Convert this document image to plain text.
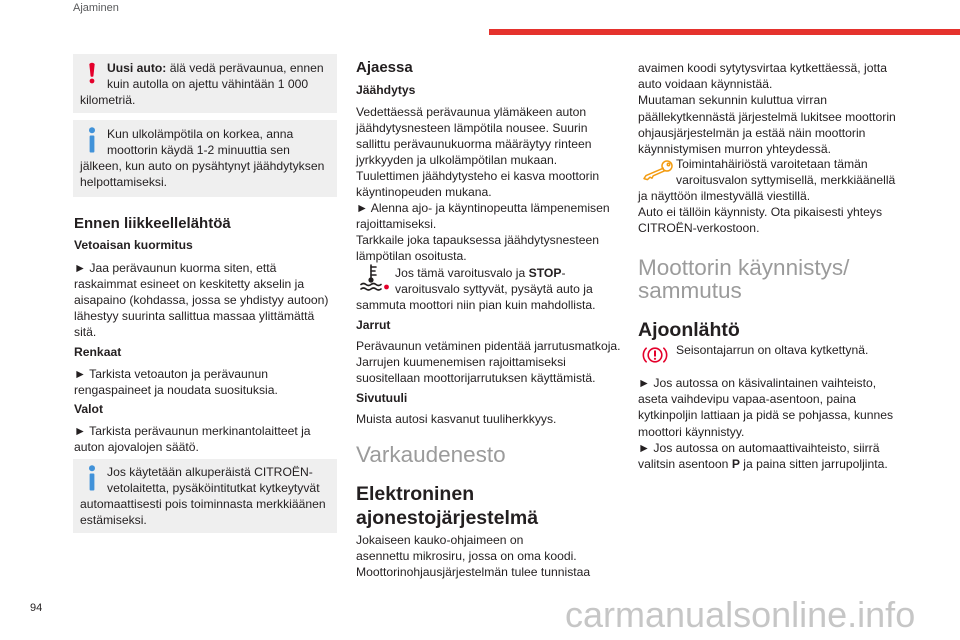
Ajaminen
Uusi auto: älä vedä perävaunua, ennen
kuin autolla on ajettu vähintään 1 000
kilometriä.
Kun ulkolämpötila on korkea, anna
moottorin käydä 1-2 minuuttia sen
jälkeen, kun auto on pysähtynyt jäähdytyksen
helpottamiseksi.
Ennen liikkeellelähtöä
Vetoaisan kuormitus
► Jaa perävaunun kuorma siten, että
raskaimmat esineet on keskitetty akselin ja
aisapaino (kohdassa, jossa se yhdistyy autoon)
lähestyy suurinta sallittua massaa ylittämättä
sitä.
Renkaat
► Tarkista vetoauton ja perävaunun
rengaspaineet ja noudata suosituksia.
Valot
► Tarkista perävaunun merkinantolaitteet ja
auton ajovalojen säätö.
Jos käytetään alkuperäistä CITROËN-
vetolaitetta, pysäköintitutkat kytkeytyvät
automaattisesti pois toiminnasta merkkiäänen
estämiseksi.
Ajaessa
Jäähdytys
Vedettäessä perävaunua ylämäkeen auton
jäähdytysnesteen lämpötila nousee. Suurin
sallittu perävaunukuorma määräytyy rinteen
jyrkkyyden ja ulkolämpötilan mukaan.
Tuulettimen jäähdytysteho ei kasva moottorin
käyntinopeuden mukana.
► Alenna ajo- ja käyntinopeutta lämpenemisen
rajoittamiseksi.
Tarkkaile joka tapauksessa jäähdytysnesteen
lämpötilan osoitusta.
Jos tämä varoitusvalo ja STOP-
varoitusvalo syttyvät, pysäytä auto ja
sammuta moottori niin pian kuin mahdollista.
Jarrut
Perävaunun vetäminen pidentää jarrutusmatkoja.
Jarrujen kuumenemisen rajoittamiseksi
suositellaan moottorijarrutuksen käyttämistä.
Sivutuuli
Muista autosi kasvanut tuuliherkkyys.
Varkaudenesto
Elektroninen
ajonestojärjestelmä
Jokaiseen kauko-ohjaimeen on
asennettu mikrosiru, jossa on oma koodi.
Moottorinohjausjärjestelmän tulee tunnistaa
avaimen koodi sytytysvirtaa kytkettäessä, jotta
auto voidaan käynnistää.
Muutaman sekunnin kuluttua virran
päällekytkennästä järjestelmä lukitsee moottorin
ohjausjärjestelmän ja estää näin moottorin
käynnistymisen murron yhteydessä.
Toimintahäiriöstä varoitetaan tämän
varoitusvalon syttymisellä, merkkiäänellä
ja näyttöön ilmestyvällä viestillä.
Auto ei tällöin käynnisty. Ota pikaisesti yhteys
CITROËN-verkostoon.
Moottorin käynnistys/
sammutus
Ajoonlähtö
Seisontajarrun on oltava kytkettynä.
► Jos autossa on käsivalintainen vaihteisto,
aseta vaihdevipu vapaa-asentoon, paina
kytkinpoljin lattiaan ja pidä se pohjassa, kunnes
moottori käynnistyy.
► Jos autossa on automaattivaihteisto, siirrä
valitsin asentoon P ja paina sitten jarrupoljinta.
94	carmanualsonline.info
